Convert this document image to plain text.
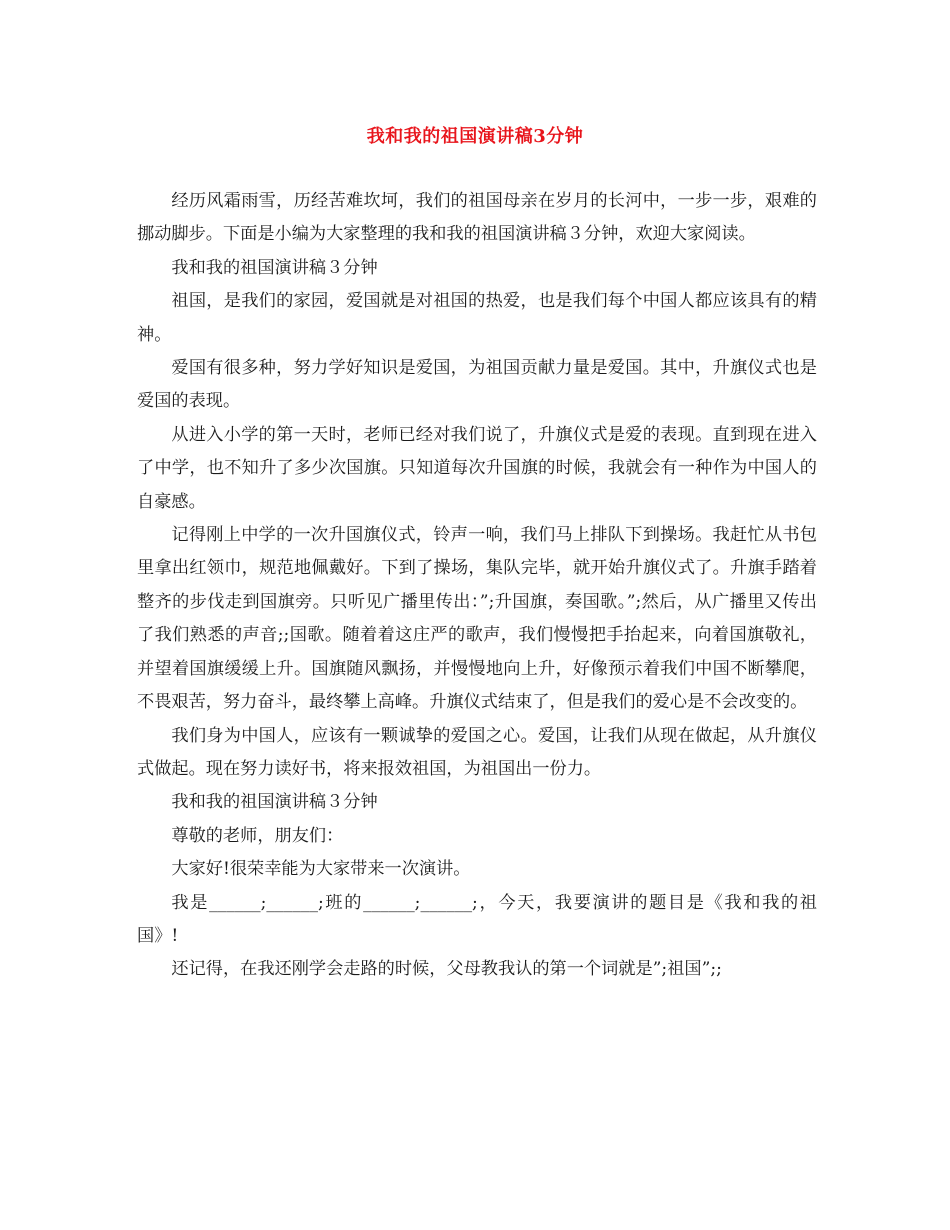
我和我的祖国演讲稿3分钟

经历风霜雨雪，历经苦难坎坷，我们的祖国母亲在岁月的长河中，一步一步，艰难的挪动脚步。下面是小编为大家整理的我和我的祖国演讲稿３分钟，欢迎大家阅读。

我和我的祖国演讲稿３分钟

祖国，是我们的家园，爱国就是对祖国的热爱，也是我们每个中国人都应该具有的精神。

爱国有很多种，努力学好知识是爱国，为祖国贡献力量是爱国。其中，升旗仪式也是爱国的表现。

从进入小学的第一天时，老师已经对我们说了，升旗仪式是爱的表现。直到现在进入了中学，也不知升了多少次国旗。只知道每次升国旗的时候，我就会有一种作为中国人的自豪感。

记得刚上中学的一次升国旗仪式，铃声一响，我们马上排队下到操场。我赶忙从书包里拿出红领巾，规范地佩戴好。下到了操场，集队完毕，就开始升旗仪式了。升旗手踏着整齐的步伐走到国旗旁。只听见广播里传出：”;升国旗，奏国歌。”;然后，从广播里又传出了我们熟悉的声音;;国歌。随着着这庄严的歌声，我们慢慢把手抬起来，向着国旗敬礼，并望着国旗缓缓上升。国旗随风飘扬，并慢慢地向上升，好像预示着我们中国不断攀爬，不畏艰苦，努力奋斗，最终攀上高峰。升旗仪式结束了，但是我们的爱心是不会改变的。

我们身为中国人，应该有一颗诚挚的爱国之心。爱国，让我们从现在做起，从升旗仪式做起。现在努力读好书，将来报效祖国，为祖国出一份力。

我和我的祖国演讲稿３分钟

尊敬的老师，朋友们：

大家好!很荣幸能为大家带来一次演讲。

我是______;______;班的______;______;，今天，我要演讲的题目是《我和我的祖国》!

还记得，在我还刚学会走路的时候，父母教我认的第一个词就是”;祖国”;;
